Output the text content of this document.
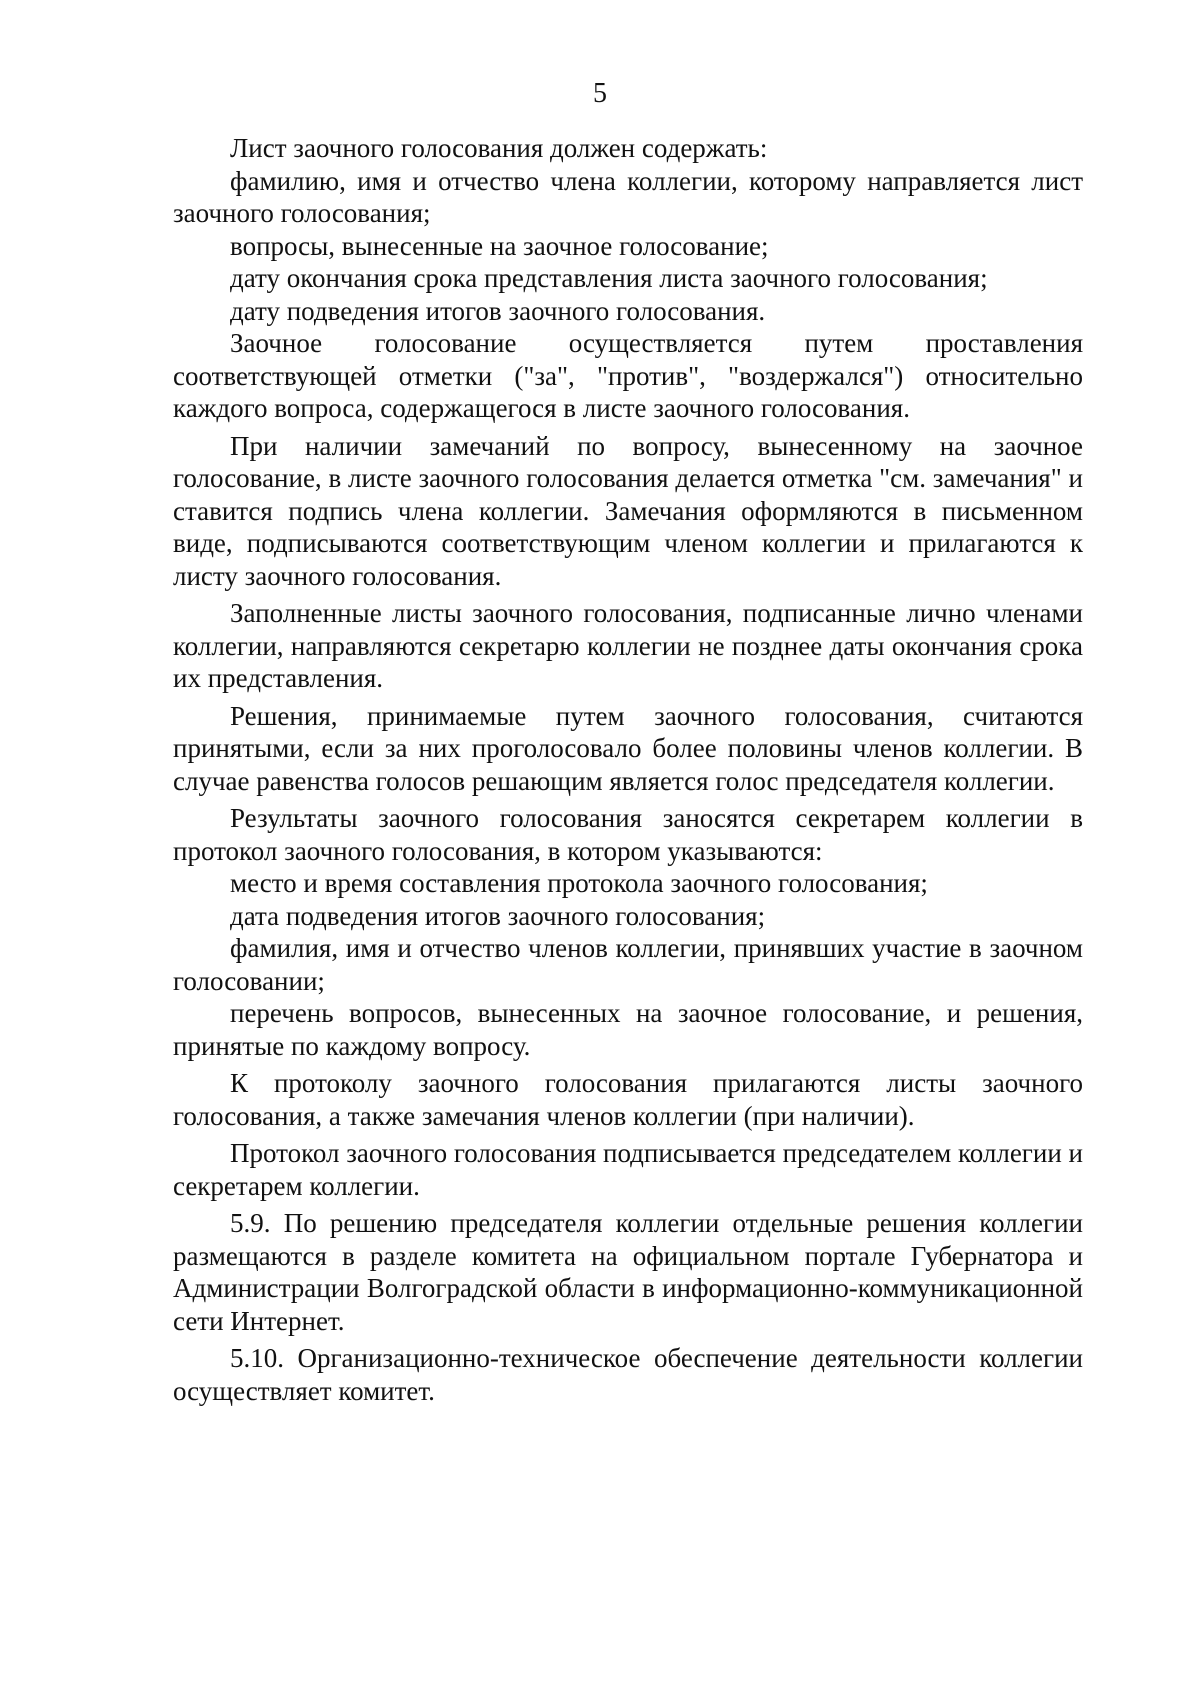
5

Лист заочного голосования должен содержать:

фамилию, имя и отчество члена коллегии, которому направляется лист заочного голосования;

вопросы, вынесенные на заочное голосование;

дату окончания срока представления листа заочного голосования;

дату подведения итогов заочного голосования.

Заочное голосование осуществляется путем проставления соответствующей отметки ("за", "против", "воздержался") относительно каждого вопроса, содержащегося в листе заочного голосования.

При наличии замечаний по вопросу, вынесенному на заочное голосование, в листе заочного голосования делается отметка "см. замечания" и ставится подпись члена коллегии. Замечания оформляются в письменном виде, подписываются соответствующим членом коллегии и прилагаются к листу заочного голосования.

Заполненные листы заочного голосования, подписанные лично членами коллегии, направляются секретарю коллегии не позднее даты окончания срока их представления.

Решения, принимаемые путем заочного голосования, считаются принятыми, если за них проголосовало более половины членов коллегии. В случае равенства голосов решающим является голос председателя коллегии.

Результаты заочного голосования заносятся секретарем коллегии в протокол заочного голосования, в котором указываются:

место и время составления протокола заочного голосования;

дата подведения итогов заочного голосования;

фамилия, имя и отчество членов коллегии, принявших участие в заочном голосовании;

перечень вопросов, вынесенных на заочное голосование, и решения, принятые по каждому вопросу.

К протоколу заочного голосования прилагаются листы заочного голосования, а также замечания членов коллегии (при наличии).

Протокол заочного голосования подписывается председателем коллегии и секретарем коллегии.

5.9. По решению председателя коллегии отдельные решения коллегии размещаются в разделе комитета на официальном портале Губернатора и Администрации Волгоградской области в информационно-коммуникационной сети Интернет.

5.10. Организационно-техническое обеспечение деятельности коллегии осуществляет комитет.
